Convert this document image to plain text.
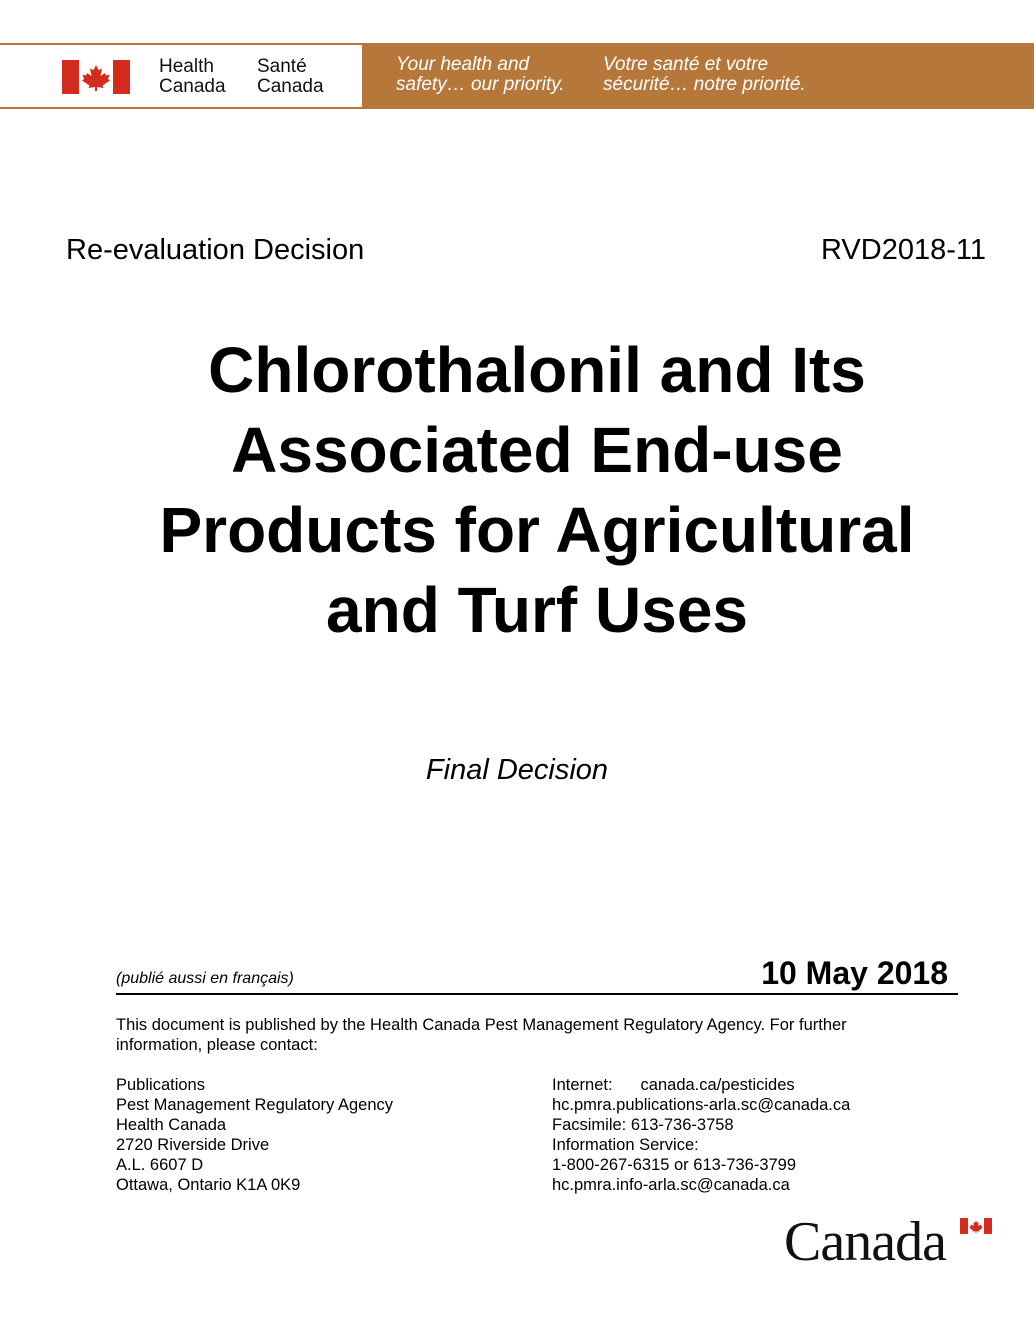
Health
Canada
Santé
Canada
Your health and
safety… our priority.
Votre santé et votre
sécurité… notre priorité.
Re-evaluation Decision	RVD2018-11
Chlorothalonil and Its
Associated End-use
Products for Agricultural
and Turf Uses
Final Decision
(publié aussi en français)	10 May 2018
This document is published by the Health Canada Pest Management Regulatory Agency. For further
information, please contact:
Publications
Pest Management Regulatory Agency
Health Canada
2720 Riverside Drive
A.L. 6607 D
Ottawa, Ontario K1A 0K9
Internet: canada.ca/pesticides
hc.pmra.publications-arla.sc@canada.ca
Facsimile: 613-736-3758
Information Service:
1-800-267-6315 or 613-736-3799
hc.pmra.info-arla.sc@canada.ca
Canada
